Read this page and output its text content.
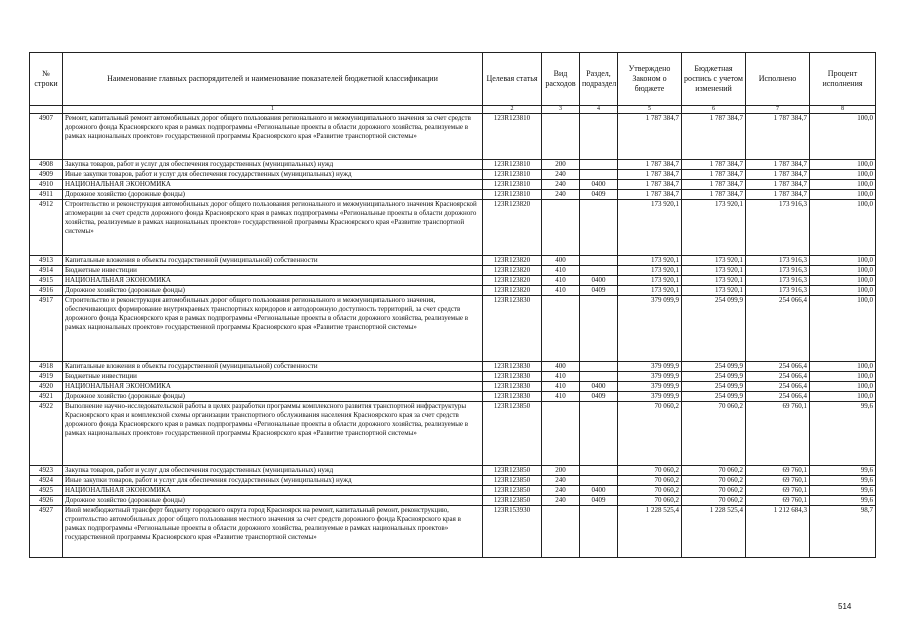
№ строки	Наименование главных распорядителей и наименование показателей бюджетной классификации	Целевая статья	Вид расходов	Раздел, подраздел	Утверждено Законом о бюджете	Бюджетная роспись с учетом изменений	Исполнено	Процент исполнения
	1	2	3	4	5	6	7	8
4907	Ремонт, капитальный ремонт автомобильных дорог общего пользования регионального и межмуниципального значения за счет средств дорожного фонда Красноярского края в рамках подпрограммы «Региональные проекты в области дорожного хозяйства, реализуемые в рамках национальных проектов» государственной программы Красноярского края «Развитие транспортной системы»	123R123810			1 787 384,7	1 787 384,7	1 787 384,7	100,0
4908	Закупка товаров, работ и услуг для обеспечения государственных (муниципальных) нужд	123R123810	200		1 787 384,7	1 787 384,7	1 787 384,7	100,0
4909	Иные закупки товаров, работ и услуг для обеспечения государственных (муниципальных) нужд	123R123810	240		1 787 384,7	1 787 384,7	1 787 384,7	100,0
4910	НАЦИОНАЛЬНАЯ ЭКОНОМИКА	123R123810	240	0400	1 787 384,7	1 787 384,7	1 787 384,7	100,0
4911	Дорожное хозяйство (дорожные фонды)	123R123810	240	0409	1 787 384,7	1 787 384,7	1 787 384,7	100,0
4912	Строительство и реконструкция автомобильных дорог общего пользования регионального и межмуниципального значения Красноярской агломерации за счет средств дорожного фонда Красноярского края в рамках подпрограммы «Региональные проекты в области дорожного хозяйства, реализуемые в рамках национальных проектов» государственной программы Красноярского края «Развитие транспортной системы»	123R123820			173 920,1	173 920,1	173 916,3	100,0
4913	Капитальные вложения в объекты государственной (муниципальной) собственности	123R123820	400		173 920,1	173 920,1	173 916,3	100,0
4914	Бюджетные инвестиции	123R123820	410		173 920,1	173 920,1	173 916,3	100,0
4915	НАЦИОНАЛЬНАЯ ЭКОНОМИКА	123R123820	410	0400	173 920,1	173 920,1	173 916,3	100,0
4916	Дорожное хозяйство (дорожные фонды)	123R123820	410	0409	173 920,1	173 920,1	173 916,3	100,0
4917	Строительство и реконструкция автомобильных дорог общего пользования регионального и межмуниципального значения, обеспечивающих формирование внутрикраевых транспортных коридоров и автодорожную доступность территорий, за счет средств дорожного фонда Красноярского края в рамках подпрограммы «Региональные проекты в области дорожного хозяйства, реализуемые в рамках национальных проектов» государственной программы Красноярского края «Развитие транспортной системы»	123R123830			379 099,9	254 099,9	254 066,4	100,0
4918	Капитальные вложения в объекты государственной (муниципальной) собственности	123R123830	400		379 099,9	254 099,9	254 066,4	100,0
4919	Бюджетные инвестиции	123R123830	410		379 099,9	254 099,9	254 066,4	100,0
4920	НАЦИОНАЛЬНАЯ ЭКОНОМИКА	123R123830	410	0400	379 099,9	254 099,9	254 066,4	100,0
4921	Дорожное хозяйство (дорожные фонды)	123R123830	410	0409	379 099,9	254 099,9	254 066,4	100,0
4922	Выполнение научно-исследовательской работы в целях разработки программы комплексного развития транспортной инфраструктуры Красноярского края и комплексной схемы организации транспортного обслуживания населения Красноярского края за счет средств дорожного фонда Красноярского края в рамках подпрограммы «Региональные проекты в области дорожного хозяйства, реализуемые в рамках национальных проектов» государственной программы Красноярского края «Развитие транспортной системы»	123R123850			70 060,2	70 060,2	69 760,1	99,6
4923	Закупка товаров, работ и услуг для обеспечения государственных (муниципальных) нужд	123R123850	200		70 060,2	70 060,2	69 760,1	99,6
4924	Иные закупки товаров, работ и услуг для обеспечения государственных (муниципальных) нужд	123R123850	240		70 060,2	70 060,2	69 760,1	99,6
4925	НАЦИОНАЛЬНАЯ ЭКОНОМИКА	123R123850	240	0400	70 060,2	70 060,2	69 760,1	99,6
4926	Дорожное хозяйство (дорожные фонды)	123R123850	240	0409	70 060,2	70 060,2	69 760,1	99,6
4927	Иной межбюджетный трансферт бюджету городского округа город Красноярск на ремонт, капитальный ремонт, реконструкцию, строительство автомобильных дорог общего пользования местного значения за счет средств дорожного фонда Красноярского края в рамках подпрограммы «Региональные проекты в области дорожного хозяйства, реализуемые в рамках национальных проектов» государственной программы Красноярского края «Развитие транспортной системы»	123R153930			1 228 525,4	1 228 525,4	1 212 684,3	98,7
514
